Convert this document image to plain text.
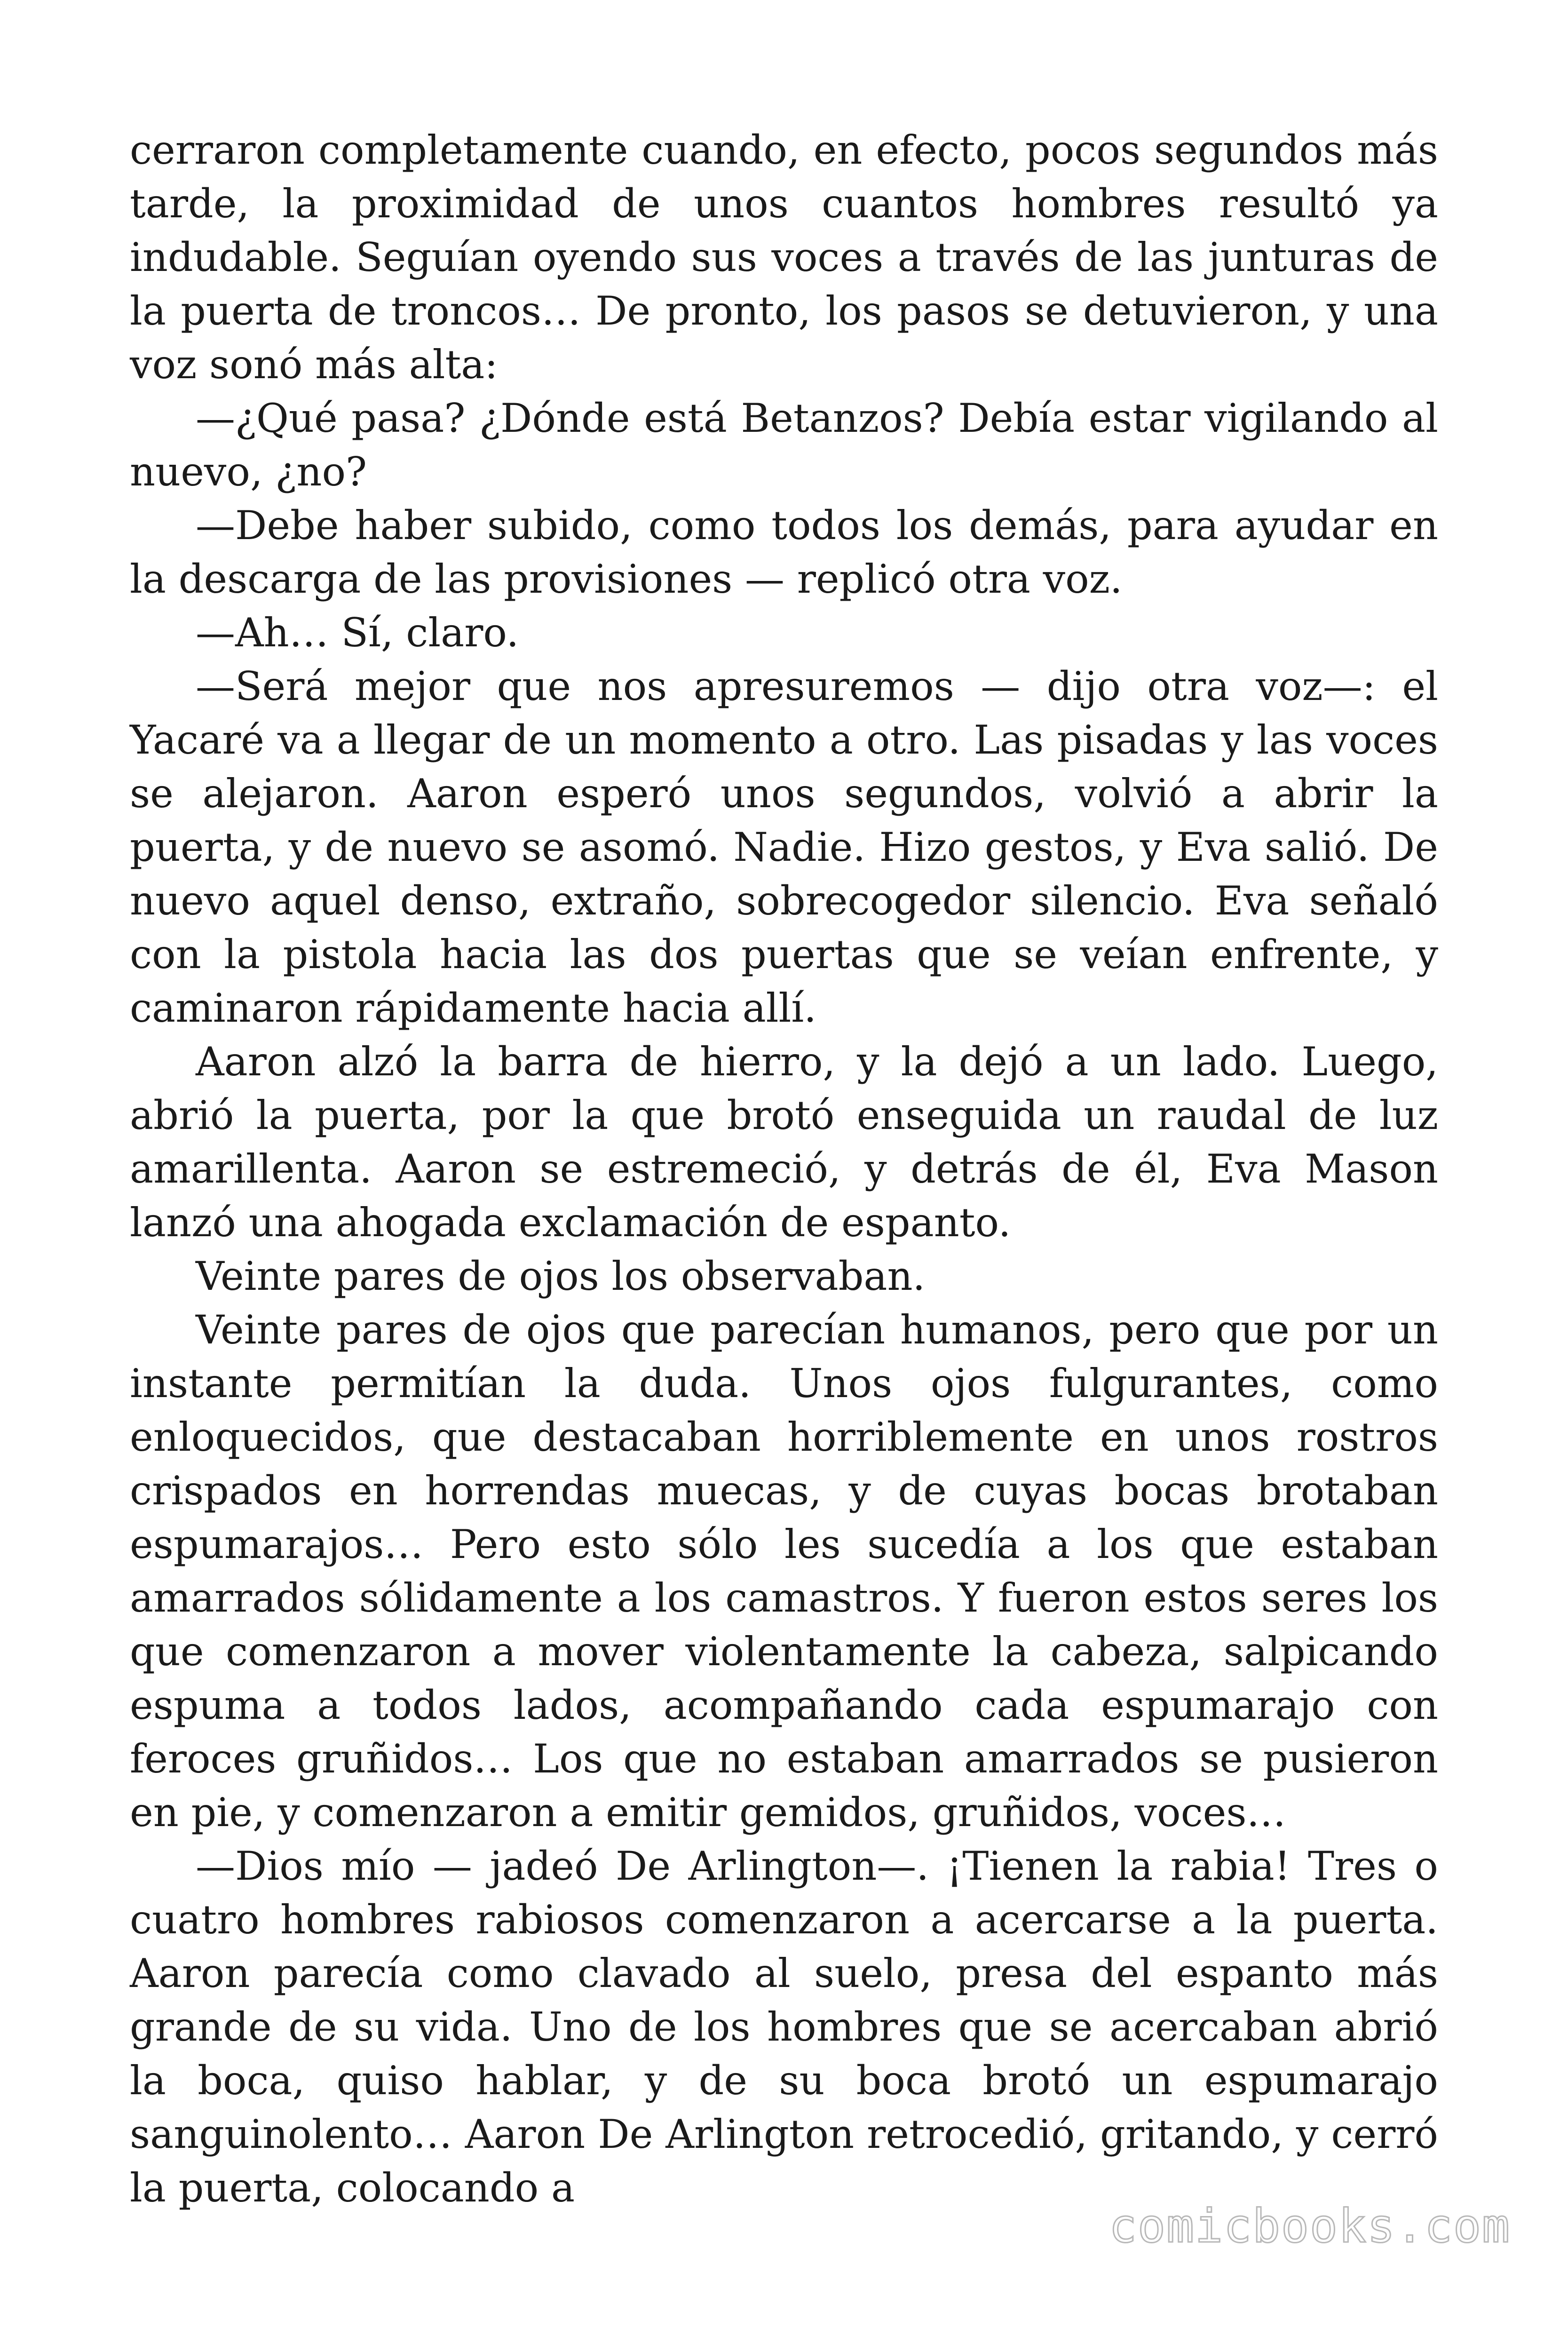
cerraron completamente cuando, en efecto, pocos segundos más tarde, la proximidad de unos cuantos hombres resultó ya indudable. Seguían oyendo sus voces a través de las junturas de la puerta de troncos… De pronto, los pasos se detuvieron, y una voz sonó más alta:

—¿Qué pasa? ¿Dónde está Betanzos? Debía estar vigilando al nuevo, ¿no?

—Debe haber subido, como todos los demás, para ayudar en la descarga de las provisiones — replicó otra voz.

—Ah… Sí, claro.

—Será mejor que nos apresuremos — dijo otra voz—: el Yacaré va a llegar de un momento a otro. Las pisadas y las voces se alejaron. Aaron esperó unos segundos, volvió a abrir la puerta, y de nuevo se asomó. Nadie. Hizo gestos, y Eva salió. De nuevo aquel denso, extraño, sobrecogedor silencio. Eva señaló con la pistola hacia las dos puertas que se veían enfrente, y caminaron rápidamente hacia allí.

Aaron alzó la barra de hierro, y la dejó a un lado. Luego, abrió la puerta, por la que brotó enseguida un raudal de luz amarillenta. Aaron se estremeció, y detrás de él, Eva Mason lanzó una ahogada exclamación de espanto.

Veinte pares de ojos los observaban.

Veinte pares de ojos que parecían humanos, pero que por un instante permitían la duda. Unos ojos fulgurantes, como enloquecidos, que destacaban horriblemente en unos rostros crispados en horrendas muecas, y de cuyas bocas brotaban espumarajos… Pero esto sólo les sucedía a los que estaban amarrados sólidamente a los camastros. Y fueron estos seres los que comenzaron a mover violentamente la cabeza, salpicando espuma a todos lados, acompañando cada espumarajo con feroces gruñidos… Los que no estaban amarrados se pusieron en pie, y comenzaron a emitir gemidos, gruñidos, voces…

—Dios mío — jadeó De Arlington—. ¡Tienen la rabia! Tres o cuatro hombres rabiosos comenzaron a acercarse a la puerta. Aaron parecía como clavado al suelo, presa del espanto más grande de su vida. Uno de los hombres que se acercaban abrió la boca, quiso hablar, y de su boca brotó un espumarajo sanguinolento… Aaron De Arlington retrocedió, gritando, y cerró la puerta, colocando a

comicbooks.com
